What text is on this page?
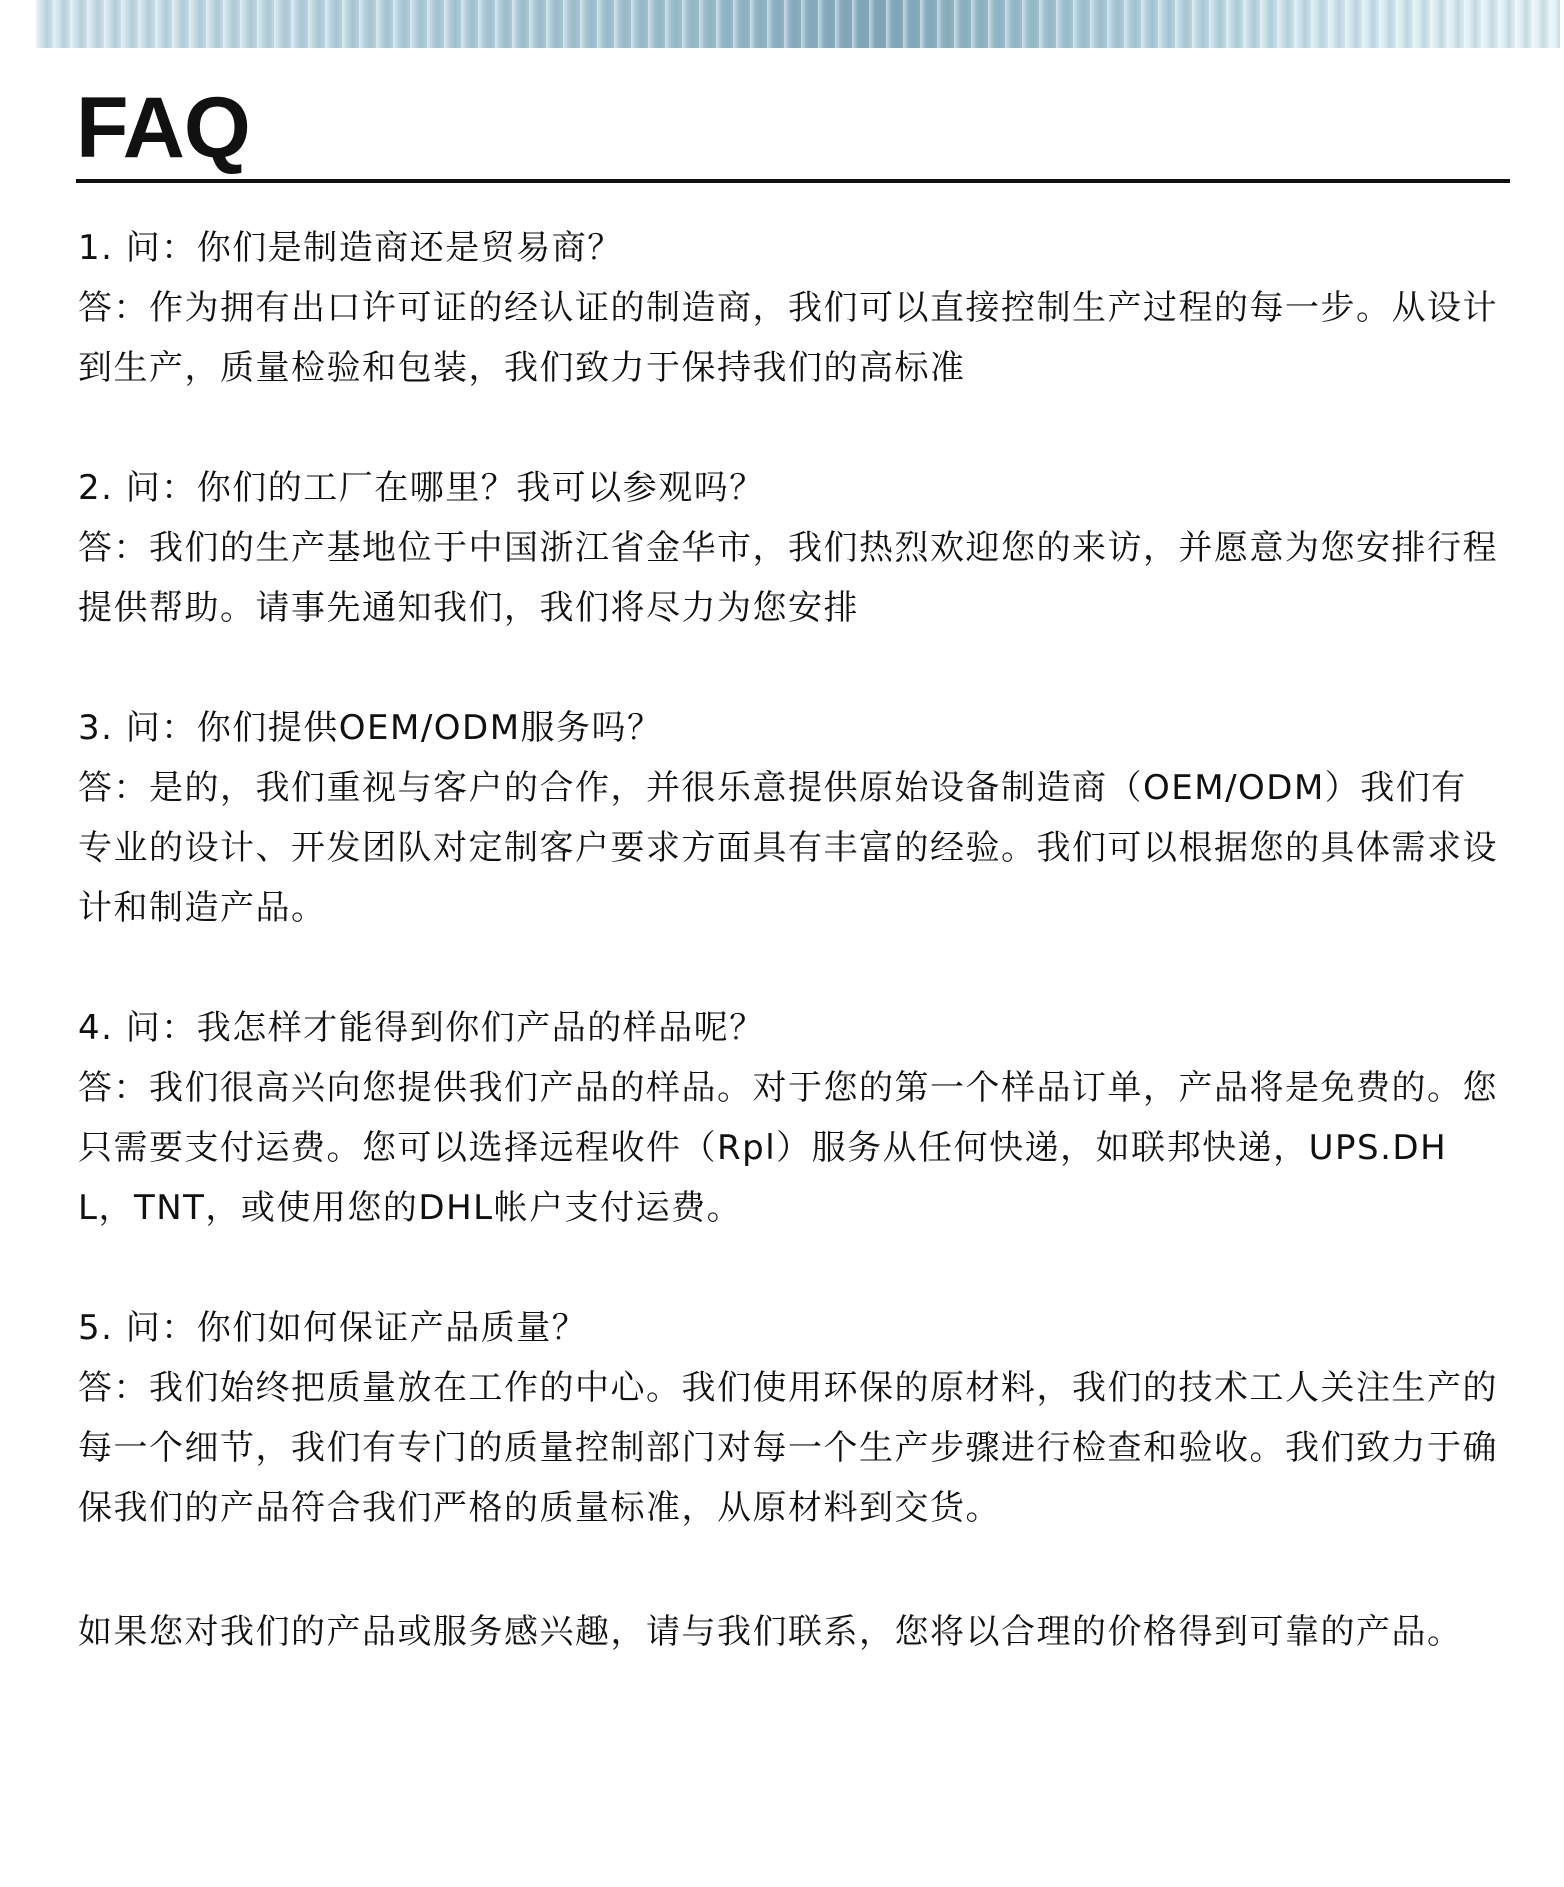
FAQ

1. 问：你们是制造商还是贸易商？

答：作为拥有出口许可证的经认证的制造商，我们可以直接控制生产过程的每一步。从设计到生产，质量检验和包装，我们致力于保持我们的高标准

2. 问：你们的工厂在哪里？我可以参观吗？

答：我们的生产基地位于中国浙江省金华市，我们热烈欢迎您的来访，并愿意为您安排行程提供帮助。请事先通知我们，我们将尽力为您安排

3. 问：你们提供OEM/ODM服务吗？

答：是的，我们重视与客户的合作，并很乐意提供原始设备制造商（OEM/ODM）我们有专业的设计、开发团队对定制客户要求方面具有丰富的经验。我们可以根据您的具体需求设计和制造产品。

4. 问：我怎样才能得到你们产品的样品呢？

答：我们很高兴向您提供我们产品的样品。对于您的第一个样品订单，产品将是免费的。您只需要支付运费。您可以选择远程收件（Rpl）服务从任何快递，如联邦快递，UPS.DHL，TNT，或使用您的DHL帐户支付运费。

5. 问：你们如何保证产品质量？

答：我们始终把质量放在工作的中心。我们使用环保的原材料，我们的技术工人关注生产的每一个细节，我们有专门的质量控制部门对每一个生产步骤进行检查和验收。我们致力于确保我们的产品符合我们严格的质量标准，从原材料到交货。

如果您对我们的产品或服务感兴趣，请与我们联系，您将以合理的价格得到可靠的产品。
